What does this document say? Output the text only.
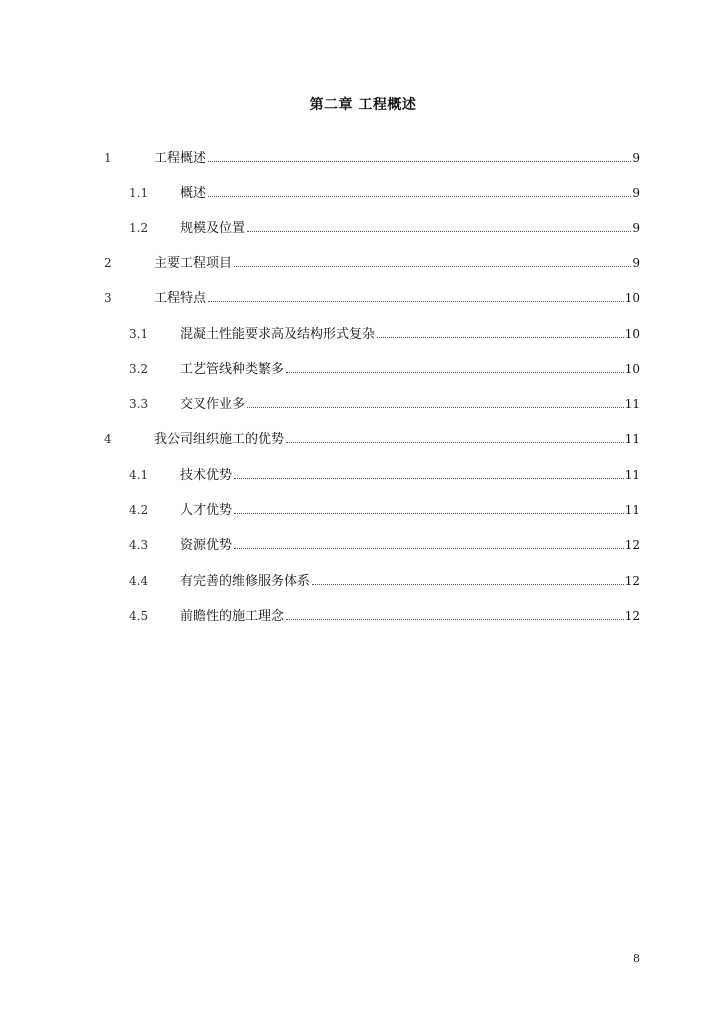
第二章 工程概述
1	工程概述	9
1.1 概述	9
1.2 规模及位置	9
2	主要工程项目	9
3	工程特点	10
3.1 混凝土性能要求高及结构形式复杂	10
3.2 工艺管线种类繁多	10
3.3 交叉作业多	11
4	我公司组织施工的优势	11
4.1 技术优势	11
4.2 人才优势	11
4.3 资源优势	12
4.4 有完善的维修服务体系	12
4.5 前瞻性的施工理念	12
8
